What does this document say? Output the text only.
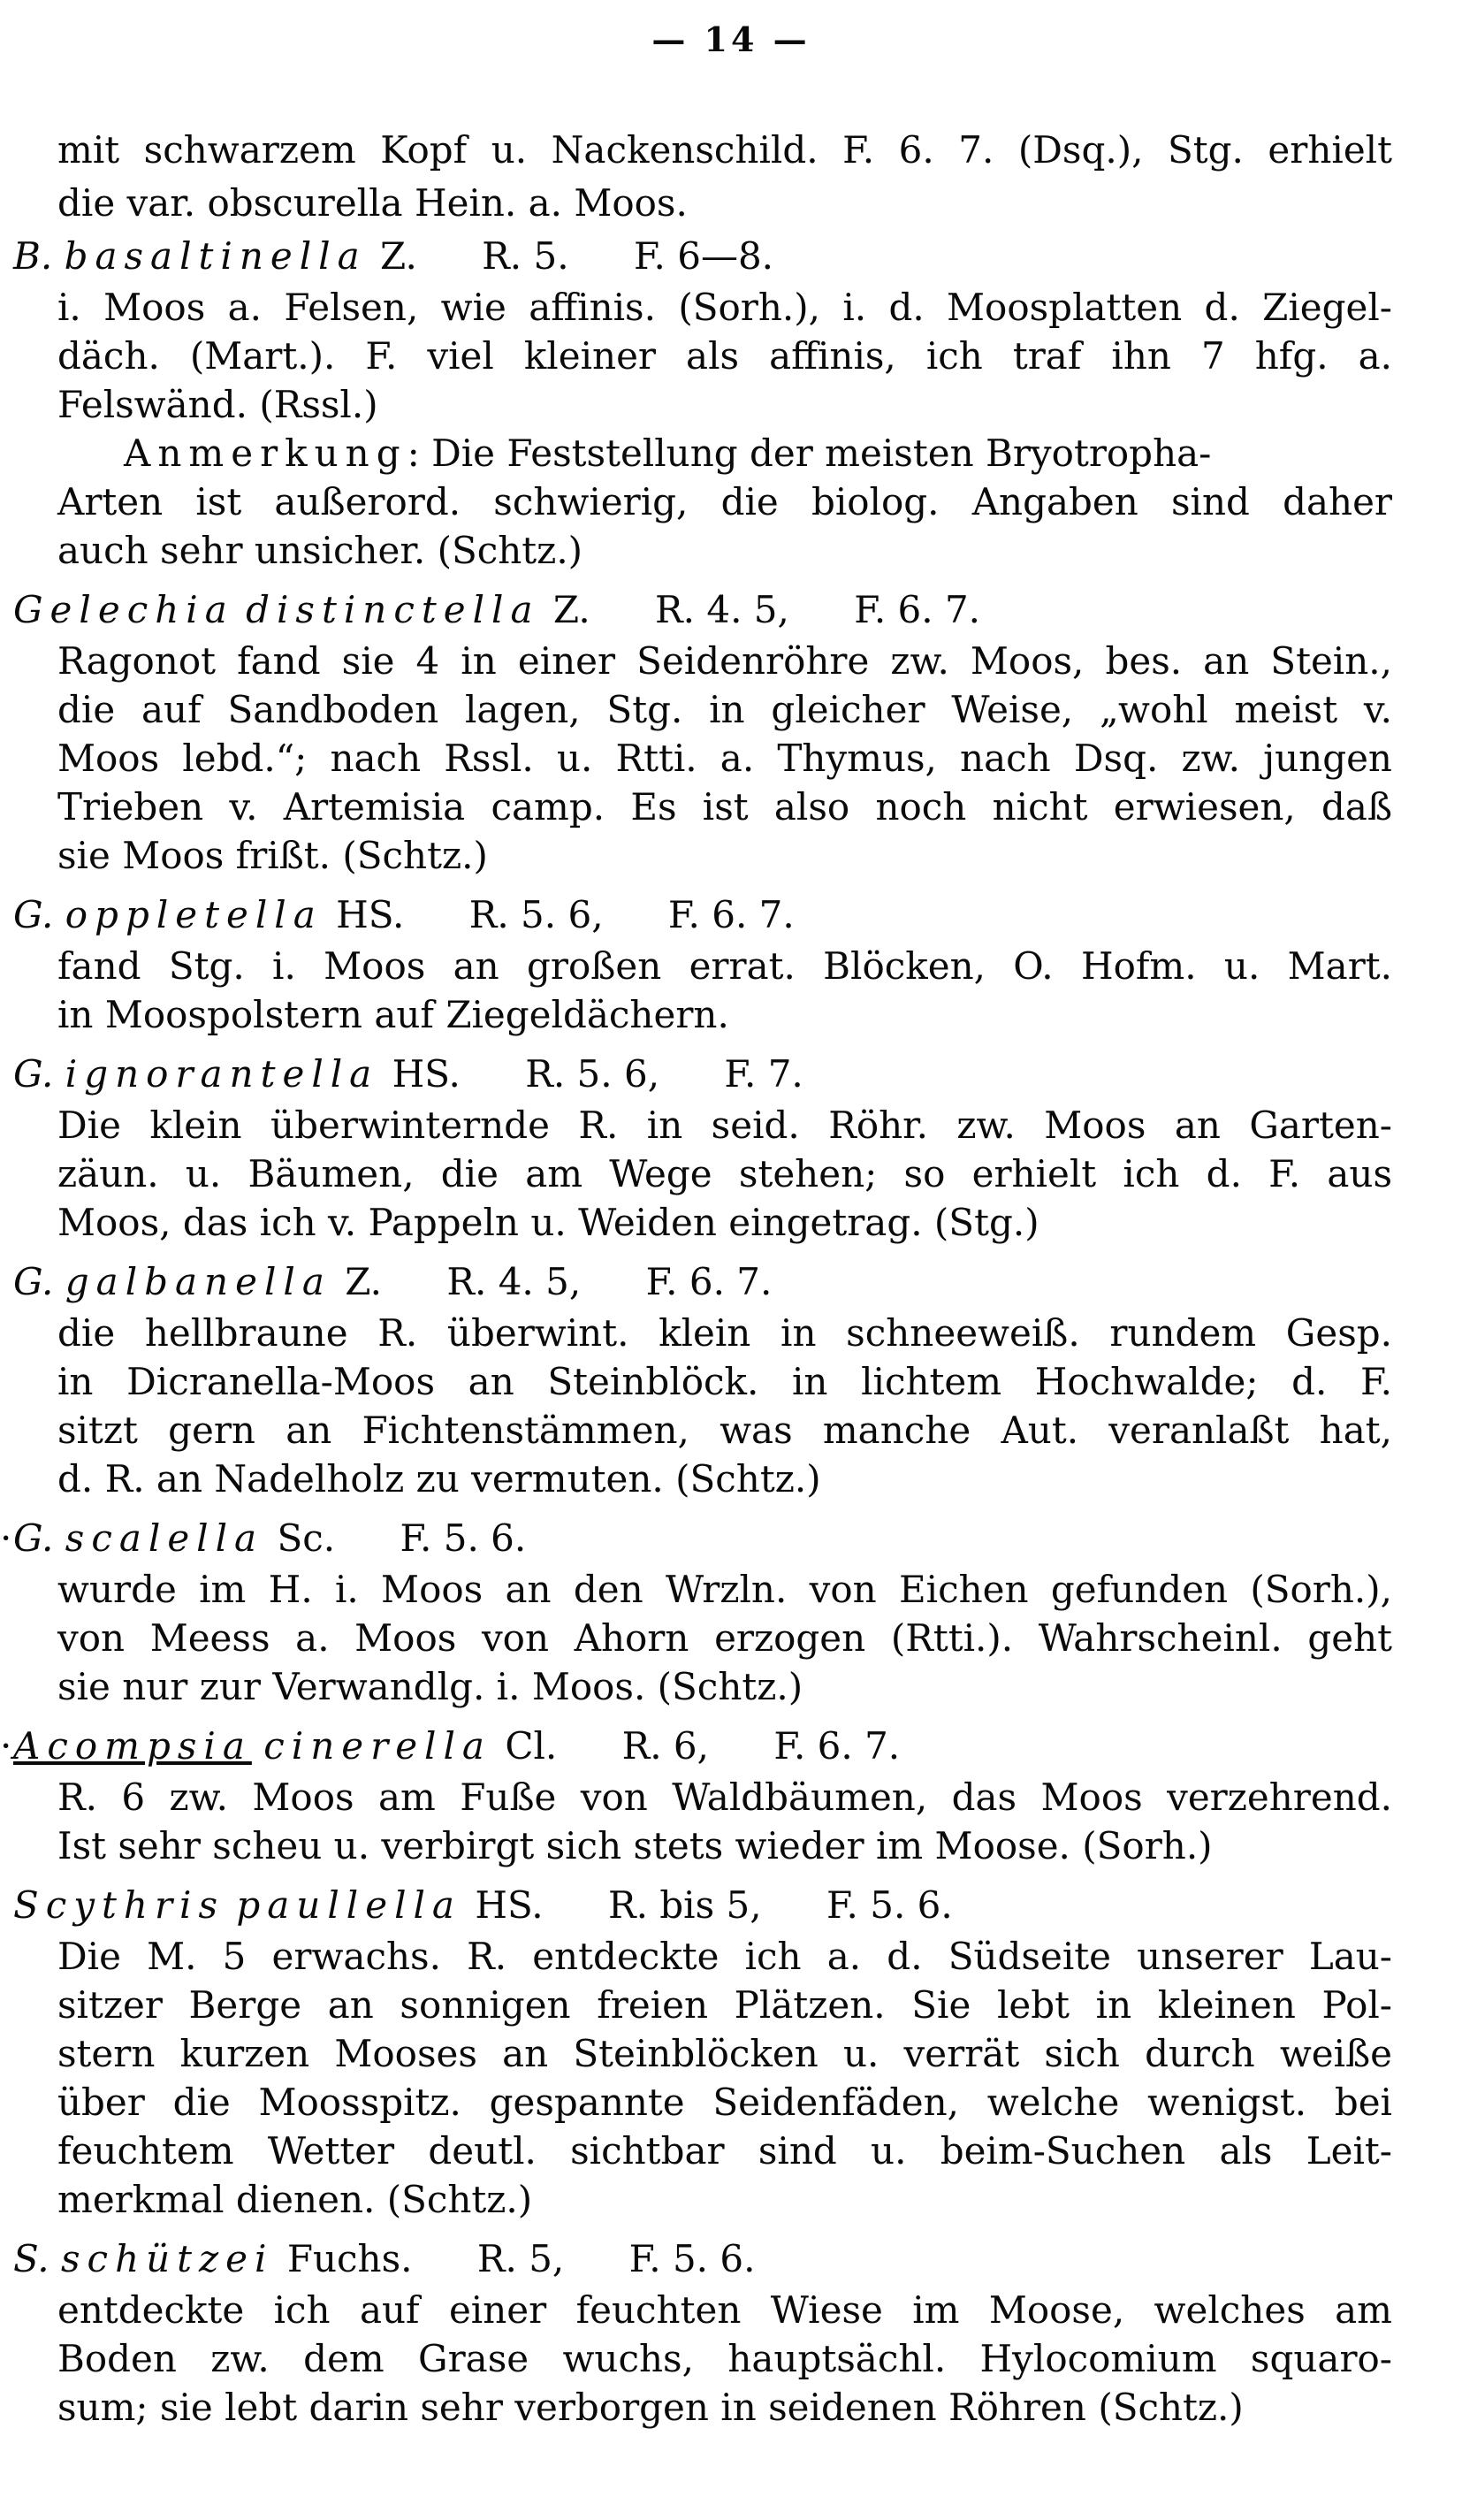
— 14 —
mit schwarzem Kopf u. Nackenschild. F. 6. 7. (Dsq.), Stg. erhielt
die var. obscurella Hein. a. Moos.
B. basaltinella Z. R. 5. F. 6—8.
i. Moos a. Felsen, wie affinis. (Sorh.), i. d. Moosplatten d. Ziegel-
däch. (Mart.). F. viel kleiner als affinis, ich traf ihn 7 hfg. a.
Felswänd. (Rssl.)
Anmerkung: Die Feststellung der meisten Bryotropha-
Arten ist außerord. schwierig, die biolog. Angaben sind daher
auch sehr unsicher. (Schtz.)
Gelechia distinctella Z. R. 4. 5, F. 6. 7.
Ragonot fand sie 4 in einer Seidenröhre zw. Moos, bes. an Stein.,
die auf Sandboden lagen, Stg. in gleicher Weise, „wohl meist v.
Moos lebd.“; nach Rssl. u. Rtti. a. Thymus, nach Dsq. zw. jungen
Trieben v. Artemisia camp. Es ist also noch nicht erwiesen, daß
sie Moos frißt. (Schtz.)
G. oppletella HS. R. 5. 6, F. 6. 7.
fand Stg. i. Moos an großen errat. Blöcken, O. Hofm. u. Mart.
in Moospolstern auf Ziegeldächern.
G. ignorantella HS. R. 5. 6, F. 7.
Die klein überwinternde R. in seid. Röhr. zw. Moos an Garten-
zäun. u. Bäumen, die am Wege stehen; so erhielt ich d. F. aus
Moos, das ich v. Pappeln u. Weiden eingetrag. (Stg.)
G. galbanella Z. R. 4. 5, F. 6. 7.
die hellbraune R. überwint. klein in schneeweiß. rundem Gesp.
in Dicranella-Moos an Steinblöck. in lichtem Hochwalde; d. F.
sitzt gern an Fichtenstämmen, was manche Aut. veranlaßt hat,
d. R. an Nadelholz zu vermuten. (Schtz.)
· G. scalella Sc. F. 5. 6.
wurde im H. i. Moos an den Wrzln. von Eichen gefunden (Sorh.),
von Meess a. Moos von Ahorn erzogen (Rtti.). Wahrscheinl. geht
sie nur zur Verwandlg. i. Moos. (Schtz.)
· Acompsia cinerella Cl. R. 6, F. 6. 7.
R. 6 zw. Moos am Fuße von Waldbäumen, das Moos verzehrend.
Ist sehr scheu u. verbirgt sich stets wieder im Moose. (Sorh.)
Scythris paullella HS. R. bis 5, F. 5. 6.
Die M. 5 erwachs. R. entdeckte ich a. d. Südseite unserer Lau-
sitzer Berge an sonnigen freien Plätzen. Sie lebt in kleinen Pol-
stern kurzen Mooses an Steinblöcken u. verrät sich durch weiße
über die Moosspitz. gespannte Seidenfäden, welche wenigst. bei
feuchtem Wetter deutl. sichtbar sind u. beim-Suchen als Leit-
merkmal dienen. (Schtz.)
S. schützei Fuchs. R. 5, F. 5. 6.
entdeckte ich auf einer feuchten Wiese im Moose, welches am
Boden zw. dem Grase wuchs, hauptsächl. Hylocomium squaro-
sum; sie lebt darin sehr verborgen in seidenen Röhren (Schtz.)
